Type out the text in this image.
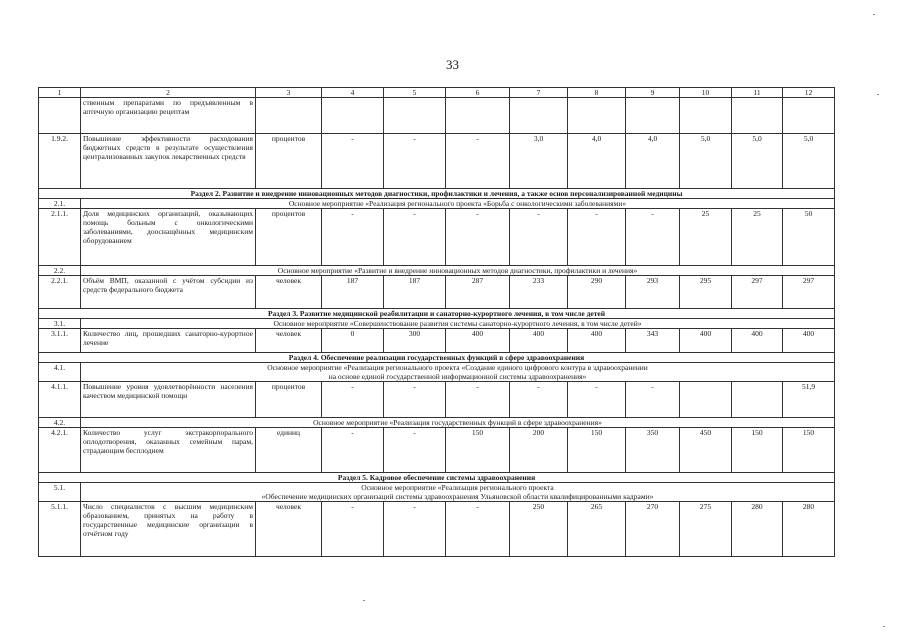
33
1	2	3	4	5	6	7	8	9	10	11	12
	ственным препаратами по предъявленным в аптечную организацию рецептам										
1.9.2.	Повышение эффективности расходования бюджетных средств в результате осуществления централизованных закупок лекарственных средств	процентов	-	-	-	3,0	4,0	4,0	5,0	5,0	5,0
Раздел 2. Развитие и внедрение инновационных методов диагностики, профилактики и лечения, а также основ персонализированной медицины											
2.1.	Основное мероприятие «Реализация регионального проекта «Борьба с онкологическими заболеваниями»										

2.1.1.	Доля медицинских организаций, оказывающих помощь больным с онкологическими заболеваниями, дооснащённых медицинским оборудованием	процентов	-	-	-	-	-	-	25	25	50
2.2.	Основное мероприятие «Развитие и внедрение инновационных методов диагностики, профилактики и лечения»										

2.2.1.	Объём ВМП, оказанной с учётом субсидии из средств федерального бюджета	человек	187	187	287	233	290	293	295	297	297
Раздел 3. Развитие медицинской реабилитации и санаторно-курортного лечения, в том числе детей											
3.1.	Основное мероприятие «Совершенствование развития системы санаторно-курортного лечения, в том числе детей»										

3.1.1.	Количество лиц, прошедших санаторно-курортное лечение	человек	0	300	400	400	400	343	400	400	400
Раздел 4. Обеспечение реализации государственных функций в сфере здравоохранения											
4.1.	Основное мероприятие «Реализация регионального проекта «Создание единого цифрового контура в здравоохранении
на основе единой государственной информационной системы здравоохранения»										

4.1.1.	Повышение уровня удовлетворённости населения качеством медицинской помощи	процентов	-	-	-	-	-	-			51,9
4.2.	Основное мероприятие «Реализация государственных функций в сфере здравоохранения»										

4.2.1.	Количество услуг экстракорпорального оплодотворения, оказанных семейным парам, страдающим бесплодием	единиц	-	-	150	200	150	350	450	150	150
Раздел 5. Кадровое обеспечение системы здравоохранения											
5.1.	Основное мероприятие «Реализация регионального проекта
«Обеспечение медицинских организаций системы здравоохранения Ульяновской области квалифицированными кадрами»										

5.1.1.	Число специалистов с высшим медицинским образованием, принятых на работу в государственные медицинские организации в отчётном году	человек	-	-	-	250	265	270	275	280	280
